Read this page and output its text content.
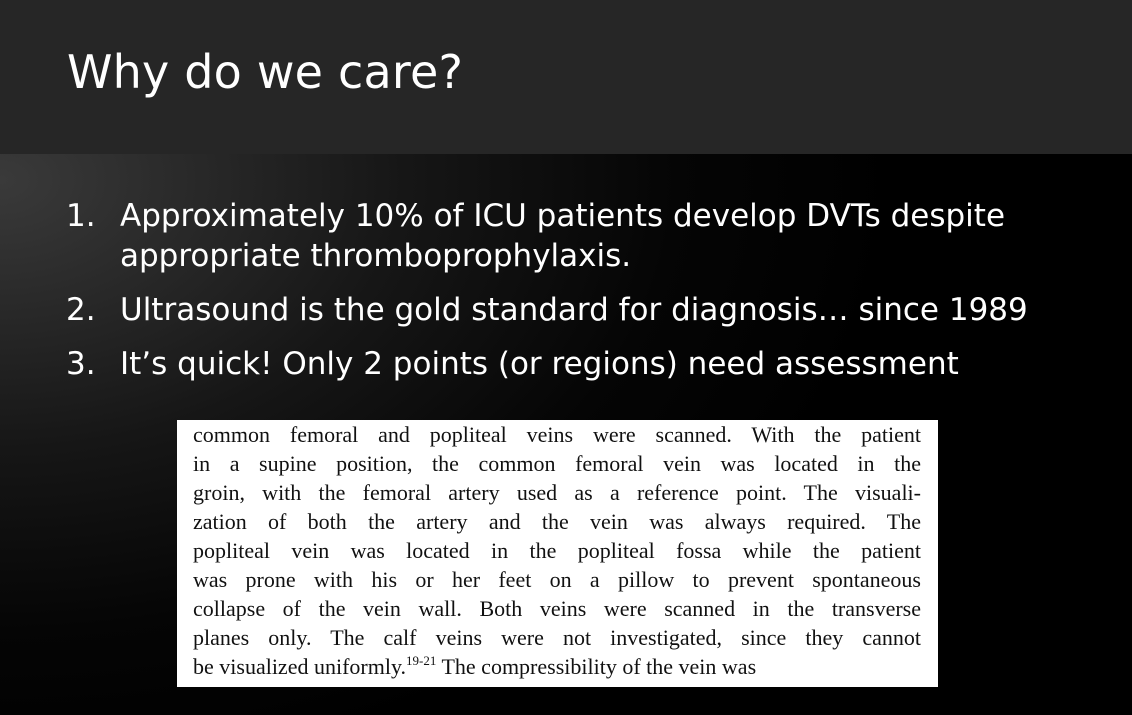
Why do we care?
1. Approximately 10% of ICU patients develop DVTs despite appropriate thromboprophylaxis.
2. Ultrasound is the gold standard for diagnosis… since 1989
3. It’s quick! Only 2 points (or regions) need assessment
common femoral and popliteal veins were scanned. With the patient
in a supine position, the common femoral vein was located in the
groin, with the femoral artery used as a reference point. The visuali-
zation of both the artery and the vein was always required. The
popliteal vein was located in the popliteal fossa while the patient
was prone with his or her feet on a pillow to prevent spontaneous
collapse of the vein wall. Both veins were scanned in the transverse
planes only. The calf veins were not investigated, since they cannot
be visualized uniformly.$^{19-21}$ The compressibility of the vein was
